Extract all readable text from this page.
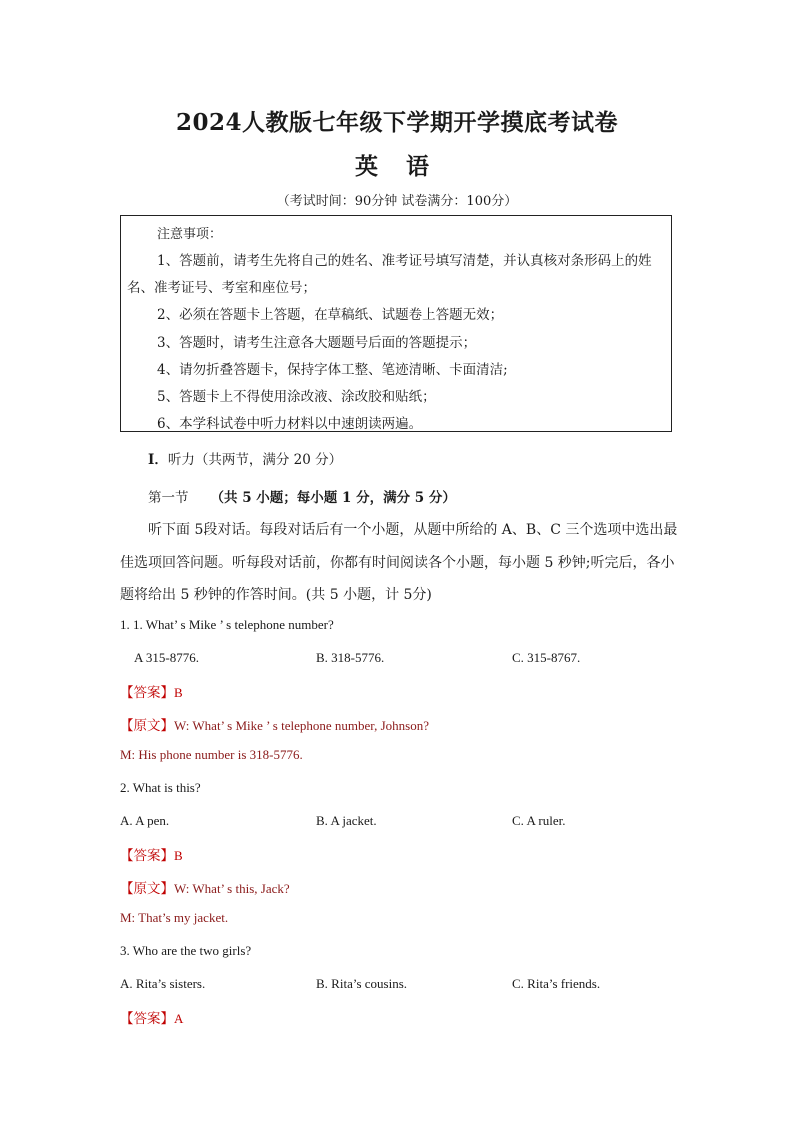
2024人教版七年级下学期开学摸底考试卷
英 语
（考试时间：90分钟 试卷满分：100分）
注意事项：
1、答题前，请考生先将自己的姓名、准考证号填写清楚，并认真核对条形码上的姓
名、准考证号、考室和座位号；
2、必须在答题卡上答题，在草稿纸、试题卷上答题无效；
3、答题时，请考生注意各大题题号后面的答题提示；
4、请勿折叠答题卡，保持字体工整、笔迹清晰、卡面清洁;
5、答题卡上不得使用涂改液、涂改胶和贴纸；
6、本学科试卷中听力材料以中速朗读两遍。
I．听力（共两节，满分 20 分）
第一节 （共 5 小题；每小题 1 分，满分 5 分）
听下面 5段对话。每段对话后有一个小题，从题中所给的 A、B、C 三个选项中选出最
佳选项回答问题。听每段对话前，你都有时间阅读各个小题，每小题 5 秒钟;听完后，各小
题将给出 5 秒钟的作答时间。(共 5 小题，计 5分)
1. 1. What’ s Mike ’ s telephone number?
A 315-8776.	B. 318-5776.	C. 315-8767.
【答案】B
【原文】W: What’ s Mike ’ s telephone number, Johnson?
M: His phone number is 318-5776.
2. What is this?
A. A pen.	B. A jacket.	C. A ruler.
【答案】B
【原文】W: What’ s this, Jack?
M: That’s my jacket.
3. Who are the two girls?
A. Rita’s sisters.	B. Rita’s cousins.	C. Rita’s friends.
【答案】A
